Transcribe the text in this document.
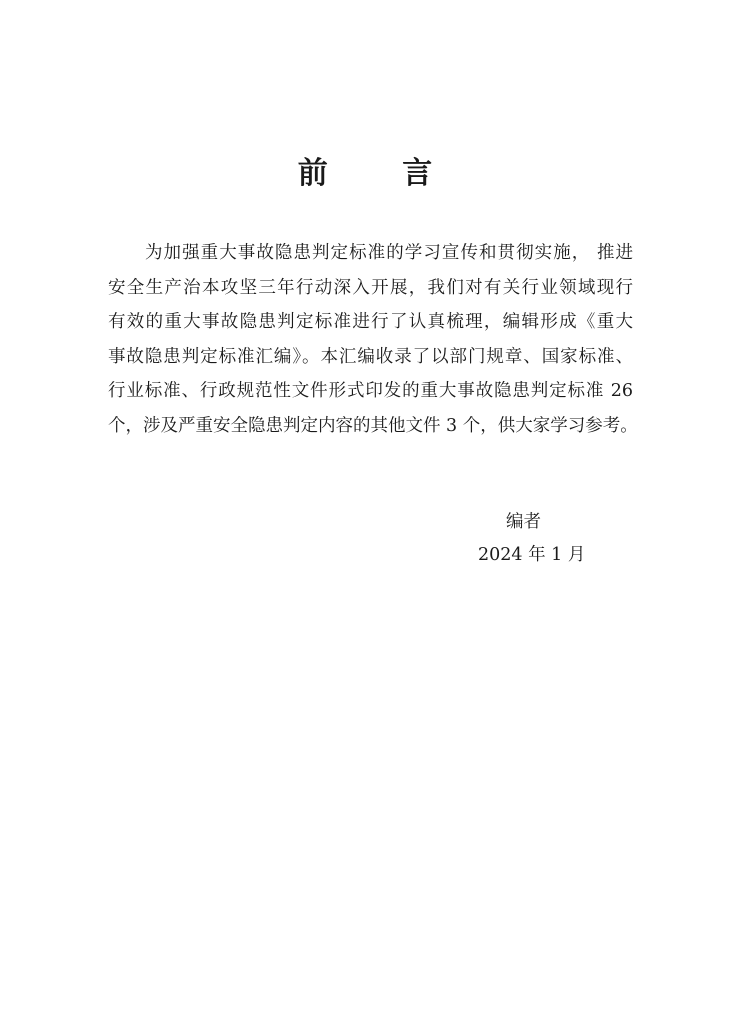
前 言
为加强重大事故隐患判定标准的学习宣传和贯彻实施， 推进
安全生产治本攻坚三年行动深入开展，我们对有关行业领域现行
有效的重大事故隐患判定标准进行了认真梳理，编辑形成《重大
事故隐患判定标准汇编》。本汇编收录了以部门规章、国家标准、
行业标准、行政规范性文件形式印发的重大事故隐患判定标准 26
个，涉及严重安全隐患判定内容的其他文件 3 个，供大家学习参考。
编者
2024 年 1 月
